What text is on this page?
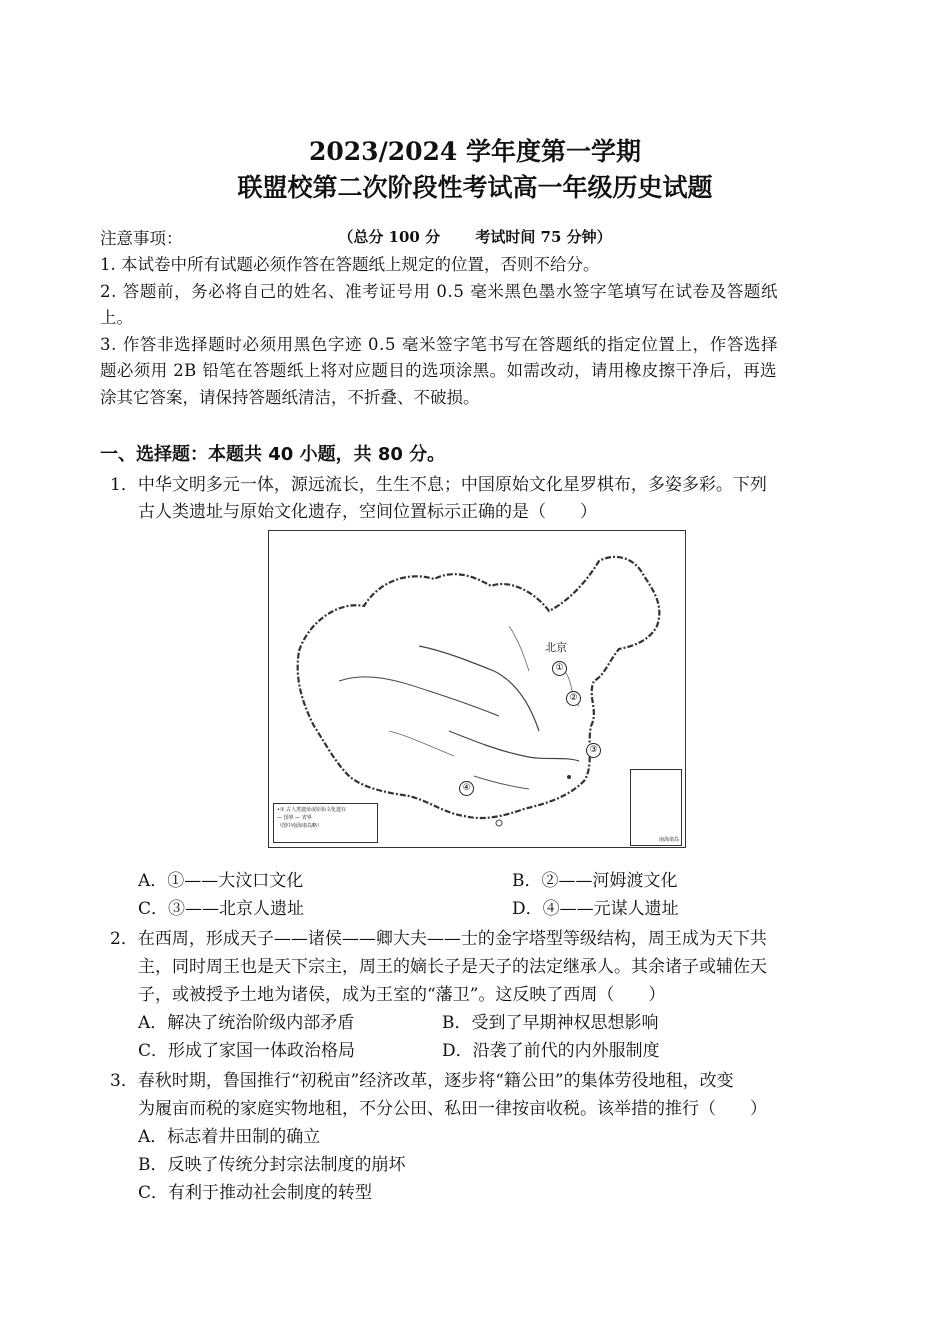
2023/2024 学年度第一学期
联盟校第二次阶段性考试高一年级历史试题
（总分 100 分 考试时间 75 分钟）
注意事项：
1. 本试卷中所有试题必须作答在答题纸上规定的位置，否则不给分。
2. 答题前，务必将自己的姓名、准考证号用 0.5 毫米黑色墨水签字笔填写在试卷及答题纸
上。
3. 作答非选择题时必须用黑色字迹 0.5 毫米签字笔书写在答题纸的指定位置上，作答选择
题必须用 2B 铅笔在答题纸上将对应题目的选项涂黑。如需改动，请用橡皮擦干净后，再选
涂其它答案，请保持答题纸清洁，不折叠、不破损。
一、选择题：本题共 40 小题，共 80 分。
1．中华文明多元一体，源远流长，生生不息；中国原始文化星罗棋布，多姿多彩。下列
古人类遗址与原始文化遗存，空间位置标示正确的是（　　）
北京
①
②
③
④
•① 古人类遗址或原始文化遗存
— 国界 — 省界
（图中南海诸岛略）
南海诸岛
A．①——大汶口文化	B．②——河姆渡文化
C．③——北京人遗址	D．④——元谋人遗址
2．在西周，形成天子——诸侯——卿大夫——士的金字塔型等级结构，周王成为天下共
主，同时周王也是天下宗主，周王的嫡长子是天子的法定继承人。其余诸子或辅佐天
子，或被授予土地为诸侯，成为王室的“藩卫”。这反映了西周（　　）
A．解决了统治阶级内部矛盾	B．受到了早期神权思想影响
C．形成了家国一体政治格局	D．沿袭了前代的内外服制度
3．春秋时期，鲁国推行“初税亩”经济改革，逐步将“籍公田”的集体劳役地租，改变
为履亩而税的家庭实物地租，不分公田、私田一律按亩收税。该举措的推行（　　）
A．标志着井田制的确立
B．反映了传统分封宗法制度的崩坏
C．有利于推动社会制度的转型
